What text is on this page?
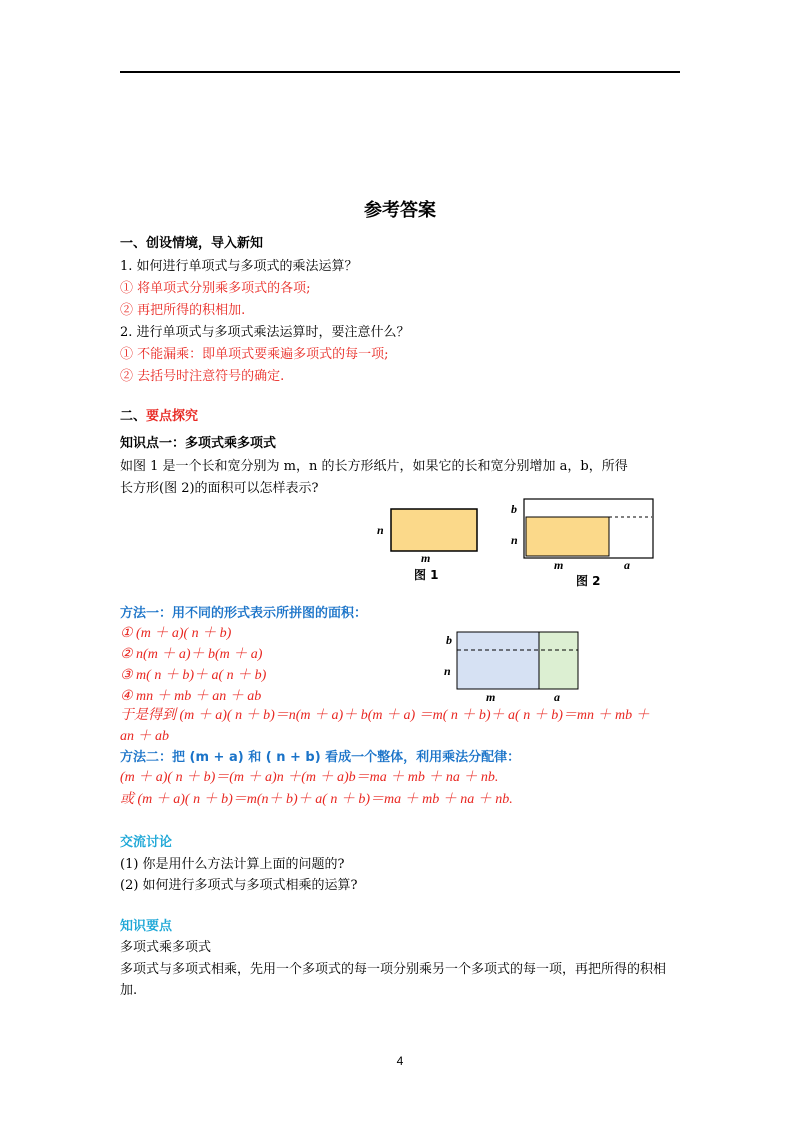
参考答案
一、创设情境，导入新知
1. 如何进行单项式与多项式的乘法运算？
① 将单项式分别乘多项式的各项;
② 再把所得的积相加.
2. 进行单项式与多项式乘法运算时，要注意什么？
① 不能漏乘：即单项式要乘遍多项式的每一项;
② 去括号时注意符号的确定.
二、要点探究
知识点一：多项式乘多项式
如图 1 是一个长和宽分别为 m，n 的长方形纸片，如果它的长和宽分别增加 a，b，所得
长方形(图 2)的面积可以怎样表示?
n
m
图 1
b
n
m	a
图 2
方法一：用不同的形式表示所拼图的面积：
① (m ＋ a)( n ＋ b)
② n(m ＋ a)＋ b(m ＋ a)
③ m( n ＋ b)＋ a( n ＋ b)
④ mn ＋ mb ＋ an ＋ ab
b
n
m	a
于是得到 (m ＋ a)( n ＋ b)＝n(m ＋ a)＋ b(m ＋ a) ＝m( n ＋ b)＋ a( n ＋ b)＝mn ＋ mb ＋
an ＋ ab
方法二：把 (m + a) 和 ( n + b) 看成一个整体，利用乘法分配律：
(m ＋ a)( n ＋ b)＝(m ＋ a)n ＋(m ＋ a)b＝ma ＋ mb ＋ na ＋ nb.
或 (m ＋ a)( n ＋ b)＝m(n＋ b)＋ a( n ＋ b)＝ma ＋ mb ＋ na ＋ nb.
交流讨论
(1) 你是用什么方法计算上面的问题的?
(2) 如何进行多项式与多项式相乘的运算?
知识要点
多项式乘多项式
多项式与多项式相乘，先用一个多项式的每一项分别乘另一个多项式的每一项，再把所得的积相加.
4
